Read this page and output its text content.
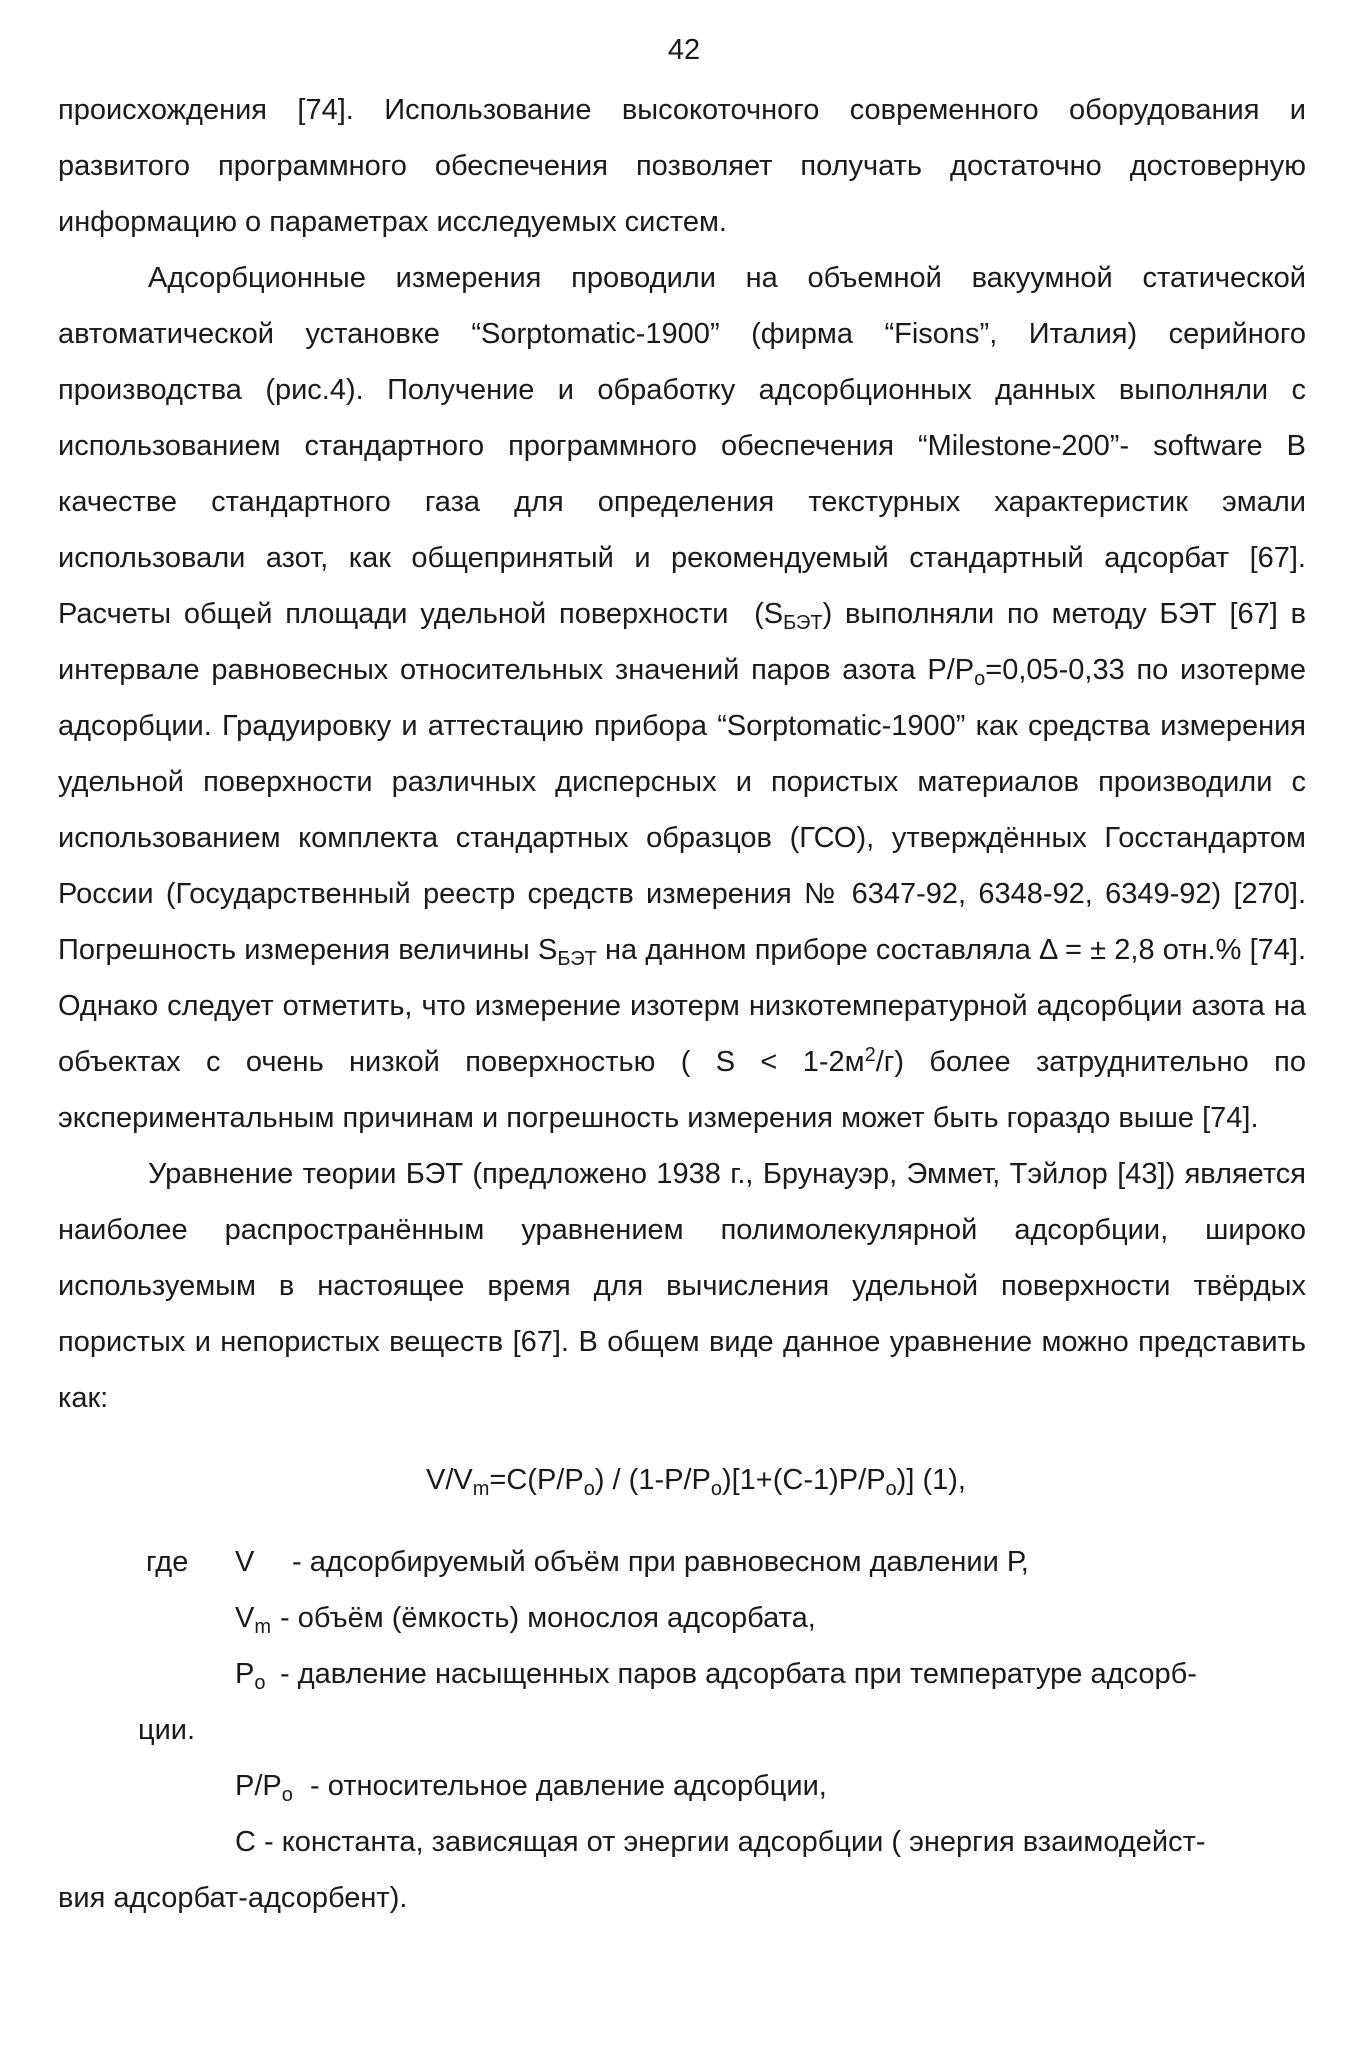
42

происхождения [74]. Использование высокоточного современного оборудования и развитого программного обеспечения позволяет получать достаточно достоверную информацию о параметрах исследуемых систем.

Адсорбционные измерения проводили на объемной вакуумной статической автоматической установке “Sorptomatic-1900” (фирма “Fisons”, Италия) серийного производства (рис.4). Получение и обработку адсорбционных данных выполняли с использованием стандартного программного обеспечения “Milestone-200”- software В качестве стандартного газа для определения текстурных характеристик эмали использовали азот, как общепринятый и рекомендуемый стандартный адсорбат [67]. Расчеты общей площади удельной поверхности $(S_{БЭТ})$ выполняли по методу БЭТ [67] в интервале равновесных относительных значений паров азота $P/P_o=0,05-0,33$ по изотерме адсорбции. Градуировку и аттестацию прибора “Sorptomatic-1900” как средства измерения удельной поверхности различных дисперсных и пористых материалов производили с использованием комплекта стандартных образцов (ГСО), утверждённых Госстандартом России (Государственный реестр средств измерения № 6347-92, 6348-92, 6349-92) [270]. Погрешность измерения величины $S_{БЭТ}$ на данном приборе составляла Δ = ± 2,8 отн.% [74]. Однако следует отметить, что измерение изотерм низкотемпературной адсорбции азота на объектах с очень низкой поверхностью ( $S < 1-2м^2/г$) более затруднительно по экспериментальным причинам и погрешность измерения может быть гораздо выше [74].

Уравнение теории БЭТ (предложено 1938 г., Брунауэр, Эммет, Тэйлор [43]) является наиболее распространённым уравнением полимолекулярной адсорбции, широко используемым в настоящее время для вычисления удельной поверхности твёрдых пористых и непористых веществ [67]. В общем виде данное уравнение можно представить как:

$V/V_m=C(P/P_o) / (1-P/P_o)[1+(C-1)P/P_o)$] (1),

где V - адсорбируемый объём при равновесном давлении Р,
$V_m$ - объём (ёмкость) монослоя адсорбата,
$P_o$ - давление насыщенных паров адсорбата при температуре адсорб-
ции.
$P/P_o$ - относительное давление адсорбции,
С - константа, зависящая от энергии адсорбции ( энергия взаимодейст-
вия адсорбат-адсорбент).
